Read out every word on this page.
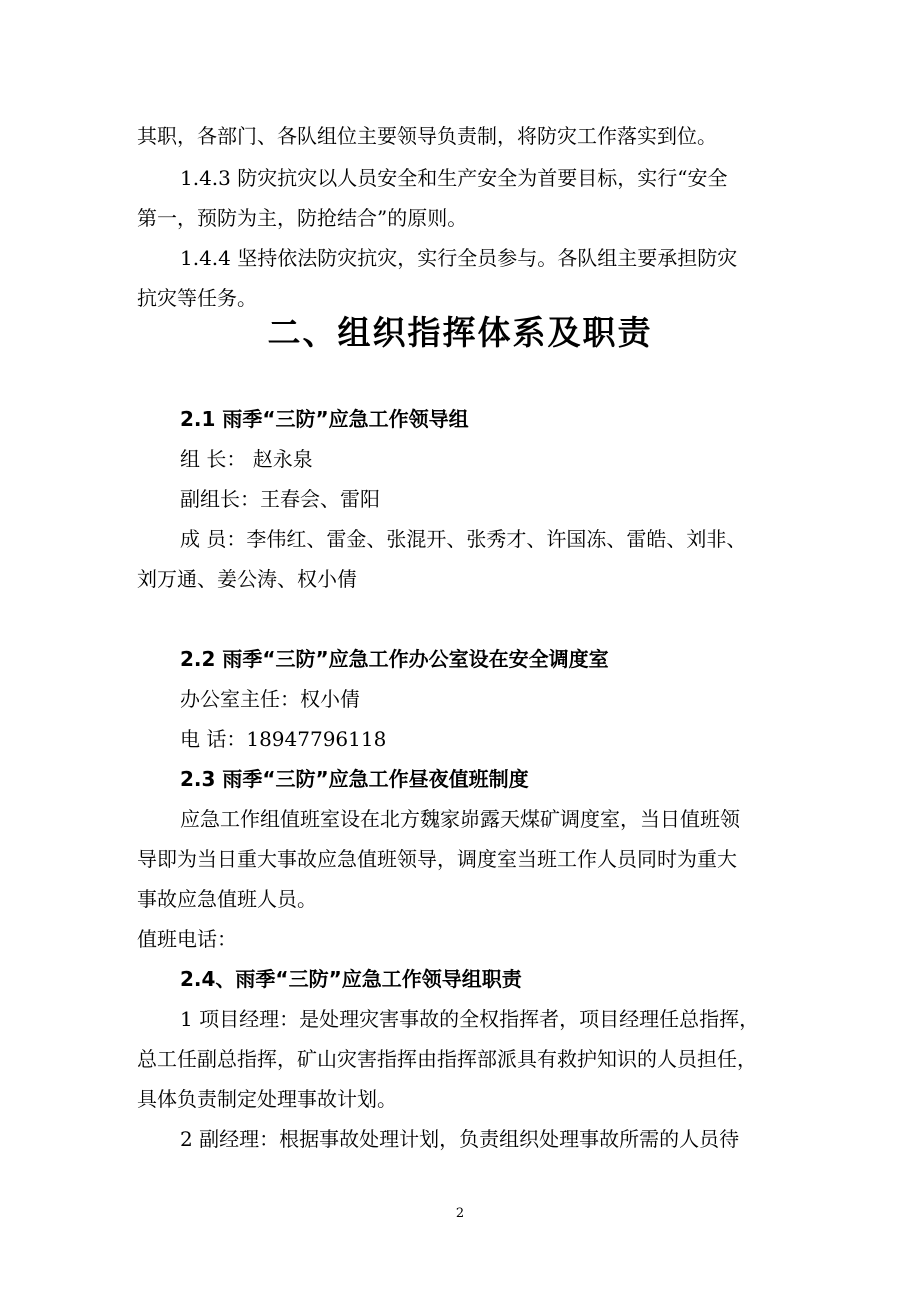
其职，各部门、各队组位主要领导负责制，将防灾工作落实到位。
1.4.3 防灾抗灾以人员安全和生产安全为首要目标，实行“安全
第一，预防为主，防抢结合”的原则。
1.4.4 坚持依法防灾抗灾，实行全员参与。各队组主要承担防灾
抗灾等任务。
二、组织指挥体系及职责
2.1 雨季“三防”应急工作领导组
组 长： 赵永泉
副组长：王春会、雷阳
成 员：李伟红、雷金、张混开、张秀才、许国冻、雷皓、刘非、
刘万通、姜公涛、权小倩
2.2 雨季“三防”应急工作办公室设在安全调度室
办公室主任：权小倩
电 话：18947796118
2.3 雨季“三防”应急工作昼夜值班制度
应急工作组值班室设在北方魏家峁露天煤矿调度室，当日值班领
导即为当日重大事故应急值班领导，调度室当班工作人员同时为重大
事故应急值班人员。
值班电话：
2.4、雨季“三防”应急工作领导组职责
1 项目经理：是处理灾害事故的全权指挥者，项目经理任总指挥，
总工任副总指挥，矿山灾害指挥由指挥部派具有救护知识的人员担任，
具体负责制定处理事故计划。
2 副经理：根据事故处理计划，负责组织处理事故所需的人员待
2
